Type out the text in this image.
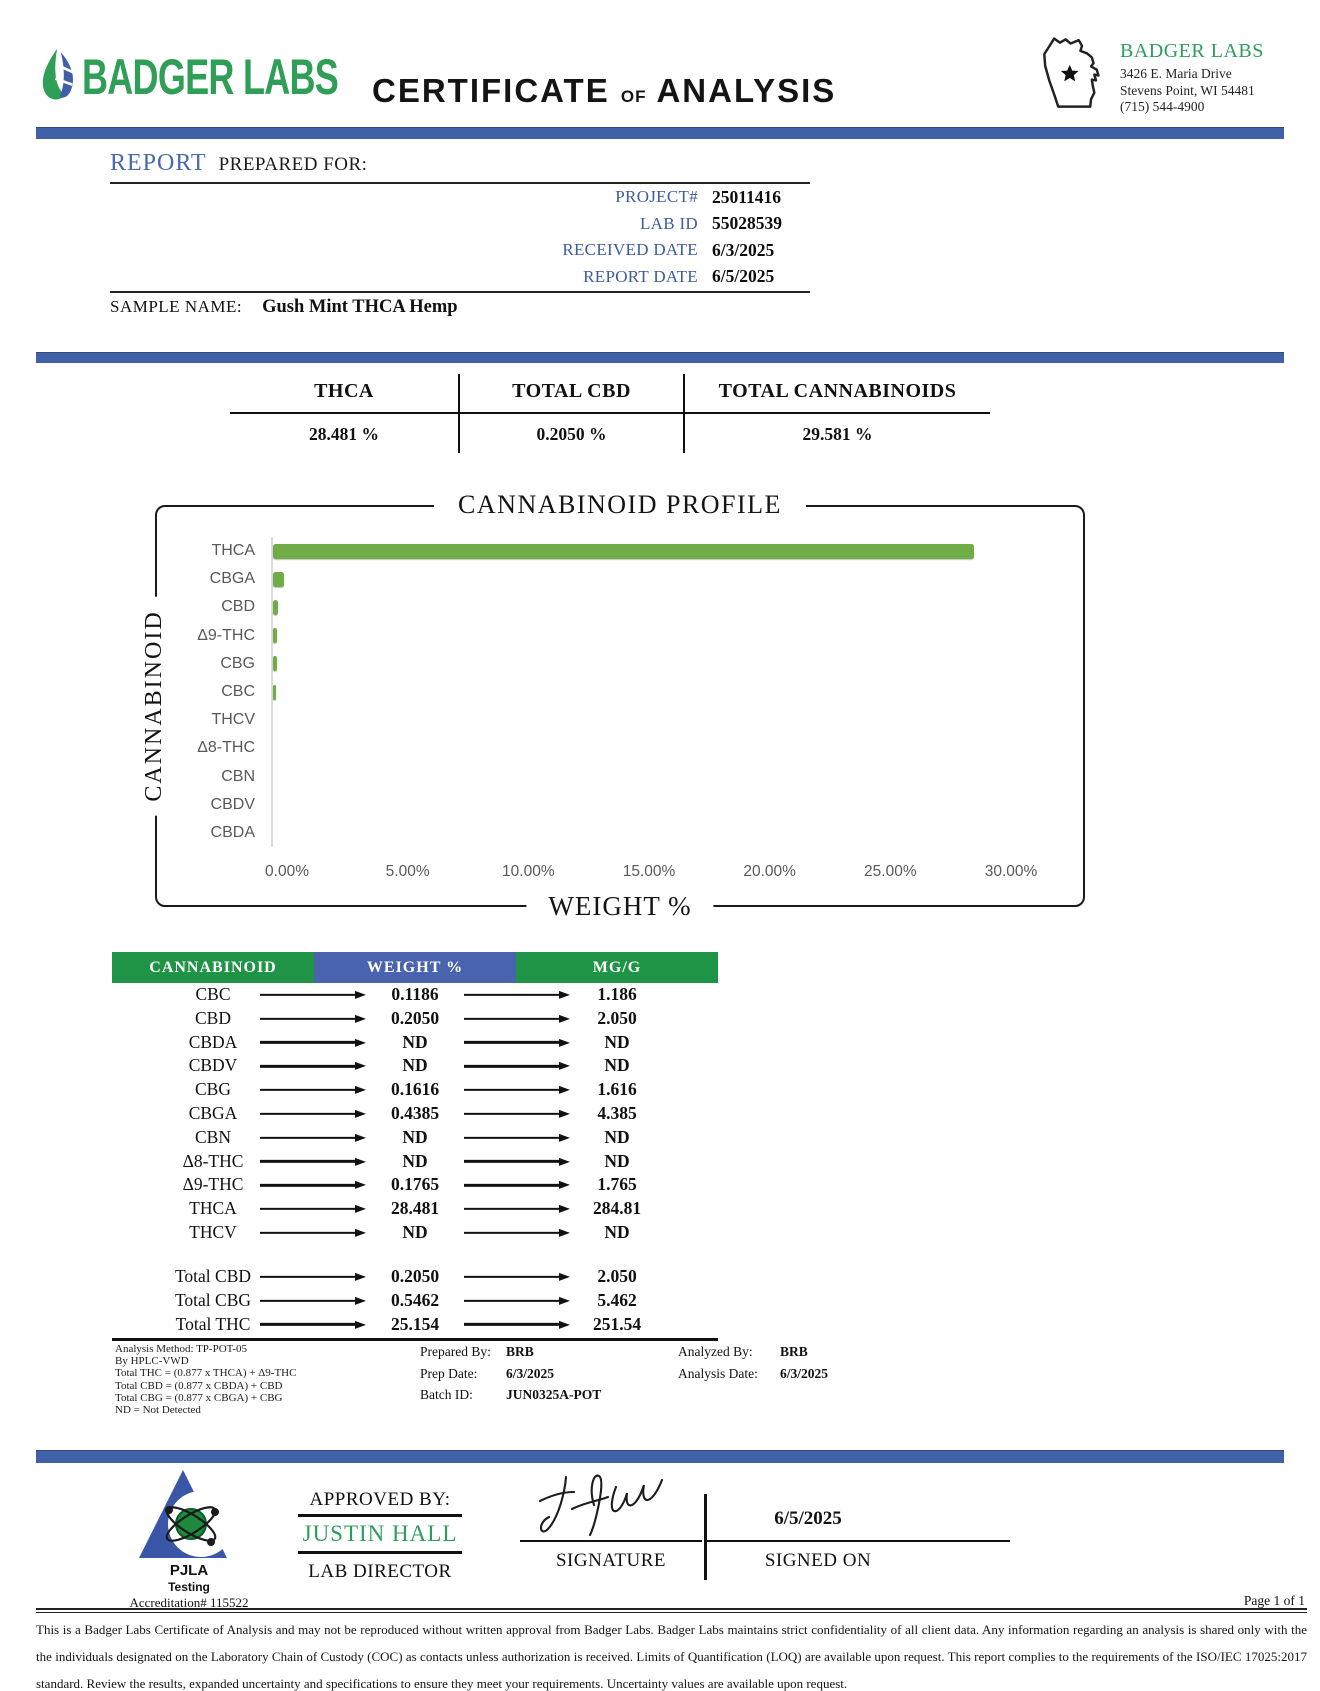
BADGER LABS CERTIFICATE of ANALYSIS
BADGER LABS
3426 E. Maria Drive
Stevens Point, WI 54481
(715) 544-4900
REPORT PREPARED FOR:
PROJECT# 25011416
LAB ID 55028539
RECEIVED DATE 6/3/2025
REPORT DATE 6/5/2025
SAMPLE NAME: Gush Mint THCA Hemp
THCA
28.481 %
TOTAL CBD
0.2050 %
TOTAL CANNABINOIDS
29.581 %
CANNABINOID PROFILE
CANNABINOID
WEIGHT %
THCA
CBGA
CBD
Δ9-THC
CBG
CBC
THCV
Δ8-THC
CBN
CBDV
CBDA
0.00%	5.00%	10.00%	15.00%	20.00%	25.00%	30.00%
CANNABINOID	WEIGHT %	MG/G
CBC	0.1186	1.186
CBD	0.2050	2.050
CBDA	ND	ND
CBDV	ND	ND
CBG	0.1616	1.616
CBGA	0.4385	4.385
CBN	ND	ND
Δ8-THC	ND	ND
Δ9-THC	0.1765	1.765
THCA	28.481	284.81
THCV	ND	ND
Total CBD	0.2050	2.050
Total CBG	0.5462	5.462
Total THC	25.154	251.54
Analysis Method: TP-POT-05
By HPLC-VWD
Total THC = (0.877 x THCA) + Δ9-THC
Total CBD = (0.877 x CBDA) + CBD
Total CBG = (0.877 x CBGA) + CBG
ND = Not Detected
Prepared By: BRB
Prep Date: 6/3/2025
Batch ID: JUN0325A-POT
Analyzed By: BRB
Analysis Date: 6/3/2025
PJLA
Testing
Accreditation# 115522
APPROVED BY:
JUSTIN HALL
LAB DIRECTOR
SIGNATURE
6/5/2025
SIGNED ON
Page 1 of 1
This is a Badger Labs Certificate of Analysis and may not be reproduced without written approval from Badger Labs. Badger Labs maintains strict confidentiality of all client data. Any information regarding an analysis is shared only with the the individuals designated on the Laboratory Chain of Custody (COC) as contacts unless authorization is received. Limits of Quantification (LOQ) are available upon request. This report complies to the requirements of the ISO/IEC 17025:2017 standard. Review the results, expanded uncertainty and specifications to ensure they meet your requirements. Uncertainty values are available upon request.
